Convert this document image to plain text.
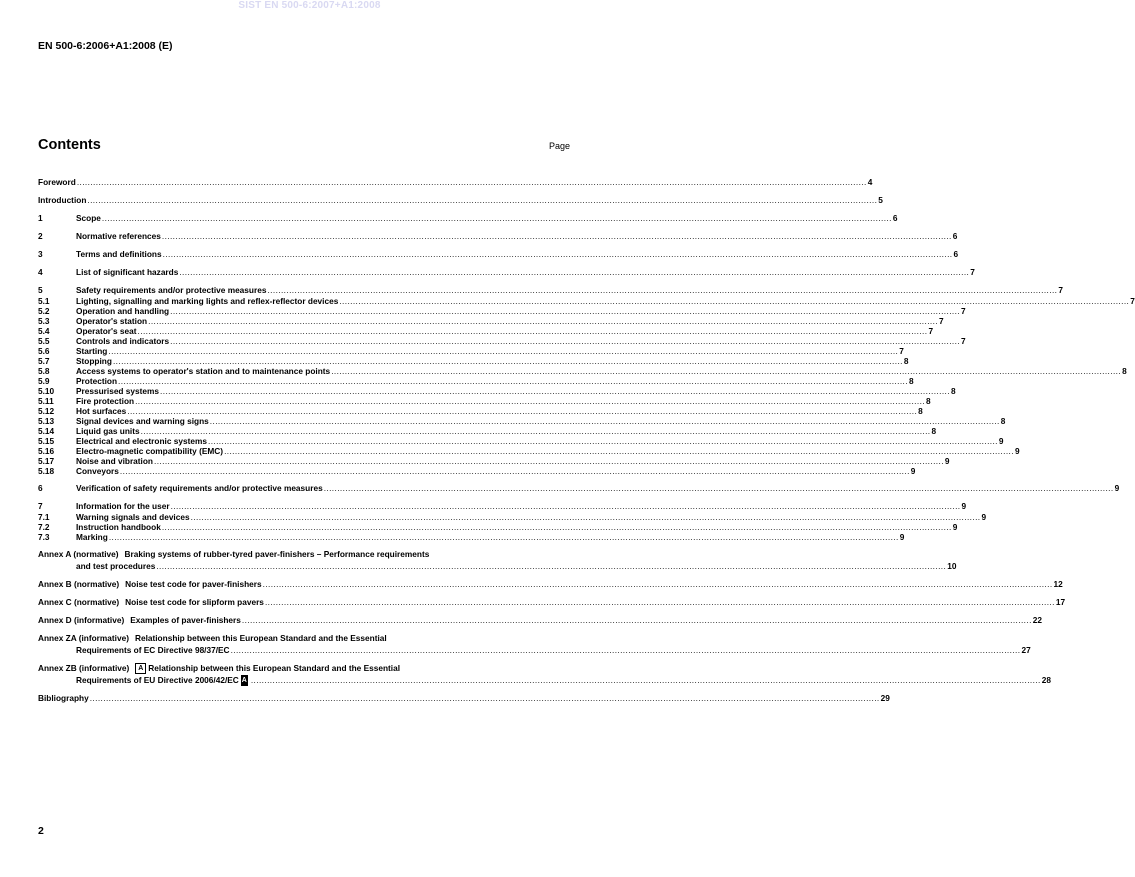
SIST EN 500-6:2007+A1:2008
EN 500-6:2006+A1:2008 (E)
Contents	Page
Foreword .....	4
Introduction .....	5
1	Scope .....	6
2	Normative references .....	6
3	Terms and definitions .....	6
4	List of significant hazards .....	7
5	Safety requirements and/or protective measures .....	7
5.1	Lighting, signalling and marking lights and reflex-reflector devices .....	7
5.2	Operation and handling .....	7
5.3	Operator's station .....	7
5.4	Operator's seat .....	7
5.5	Controls and indicators .....	7
5.6	Starting .....	7
5.7	Stopping .....	8
5.8	Access systems to operator's station and to maintenance points .....	8
5.9	Protection .....	8
5.10	Pressurised systems .....	8
5.11	Fire protection .....	8
5.12	Hot surfaces .....	8
5.13	Signal devices and warning signs .....	8
5.14	Liquid gas units .....	8
5.15	Electrical and electronic systems .....	9
5.16	Electro-magnetic compatibility (EMC) .....	9
5.17	Noise and vibration .....	9
5.18	Conveyors .....	9
6	Verification of safety requirements and/or protective measures .....	9
7	Information for the user .....	9
7.1	Warning signals and devices .....	9
7.2	Instruction handbook .....	9
7.3	Marking .....	9
Annex A (normative) Braking systems of rubber-tyred paver-finishers – Performance requirements
and test procedures .....	10
Annex B (normative) Noise test code for paver-finishers .....	12
Annex C (normative) Noise test code for slipform pavers .....	17
Annex D (informative) Examples of paver-finishers .....	22
Annex ZA (informative) Relationship between this European Standard and the Essential
Requirements of EC Directive 98/37/EC .....	27
Annex ZB (informative)	A Relationship between this European Standard and the Essential
Requirements of EU Directive 2006/42/EC A .....	28
Bibliography .....	29
2
